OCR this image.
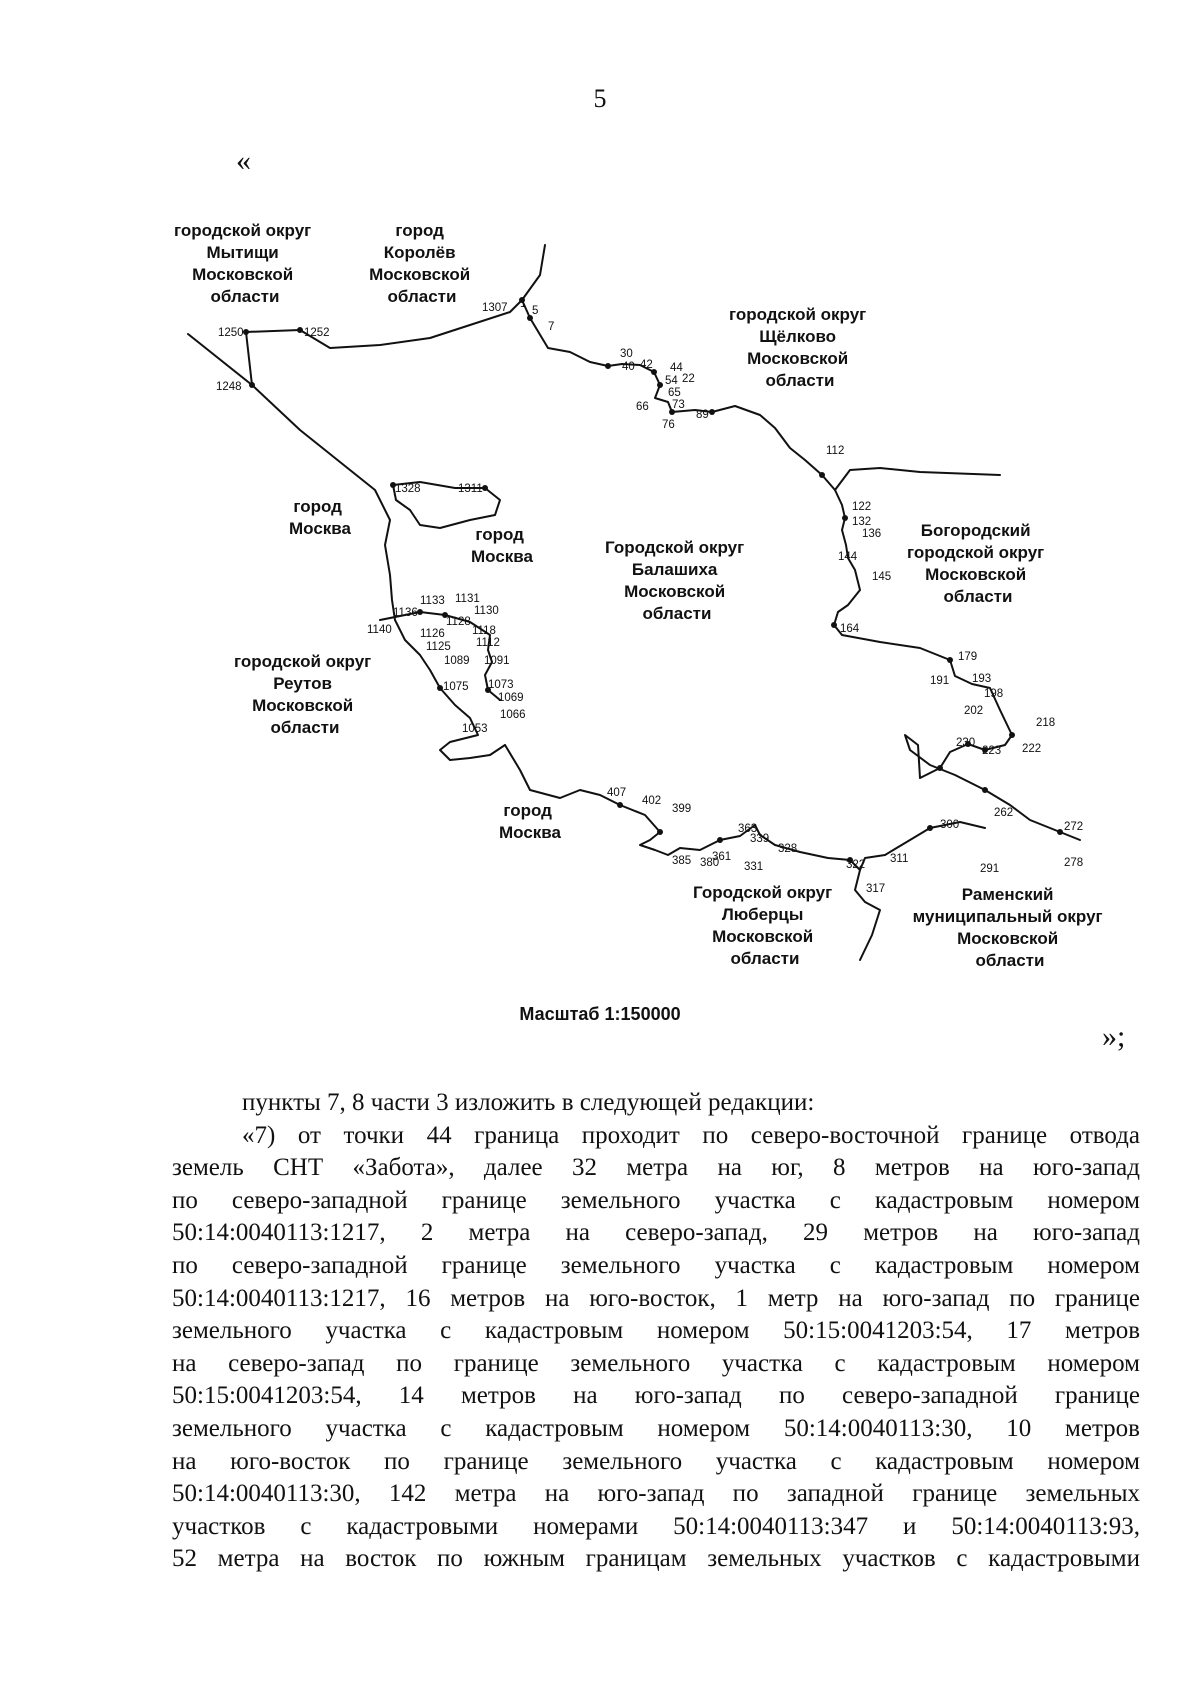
5
«
городской округ Мытищи Московской области
город Королёв Московской области
городской округ Щёлково Московской области
город Москва	город Москва	Городской округ Балашиха Московской области
Богородский городской округ Московской области
городской округ Реутов Московской области
город Москва
Городской округ Люберцы Московской области
Раменский муниципальный округ Московской области
1307 1
5
7
1250	1252
1248
30
40 42 44
54 22
65
66 73
76
89
112
1328	1311
122
132
136
144
145
1133 1131
1130
1136
1128
1126 1118
1140
1112
1125
1089 1091
1075 1073
1069
1066
1053
164
179
191 193
198
202
218
230
223 222
407
402
399
363
339
328
361
331
385 380	322 311
317
300
262
272
291	278
Масштаб 1:150000
»;
пункты 7, 8 части 3 изложить в следующей редакции:
«7) от точки 44 граница проходит по северо-восточной границе отвода
земель СНТ «Забота», далее 32 метра на юг, 8 метров на юго-запад
по северо-западной границе земельного участка с кадастровым номером
50:14:0040113:1217, 2 метра на северо-запад, 29 метров на юго-запад
по северо-западной границе земельного участка с кадастровым номером
50:14:0040113:1217, 16 метров на юго-восток, 1 метр на юго-запад по границе
земельного участка с кадастровым номером 50:15:0041203:54, 17 метров
на северо-запад по границе земельного участка с кадастровым номером
50:15:0041203:54, 14 метров на юго-запад по северо-западной границе
земельного участка с кадастровым номером 50:14:0040113:30, 10 метров
на юго-восток по границе земельного участка с кадастровым номером
50:14:0040113:30, 142 метра на юго-запад по западной границе земельных
участков с кадастровыми номерами 50:14:0040113:347 и 50:14:0040113:93,
52 метра на восток по южным границам земельных участков с кадастровыми
